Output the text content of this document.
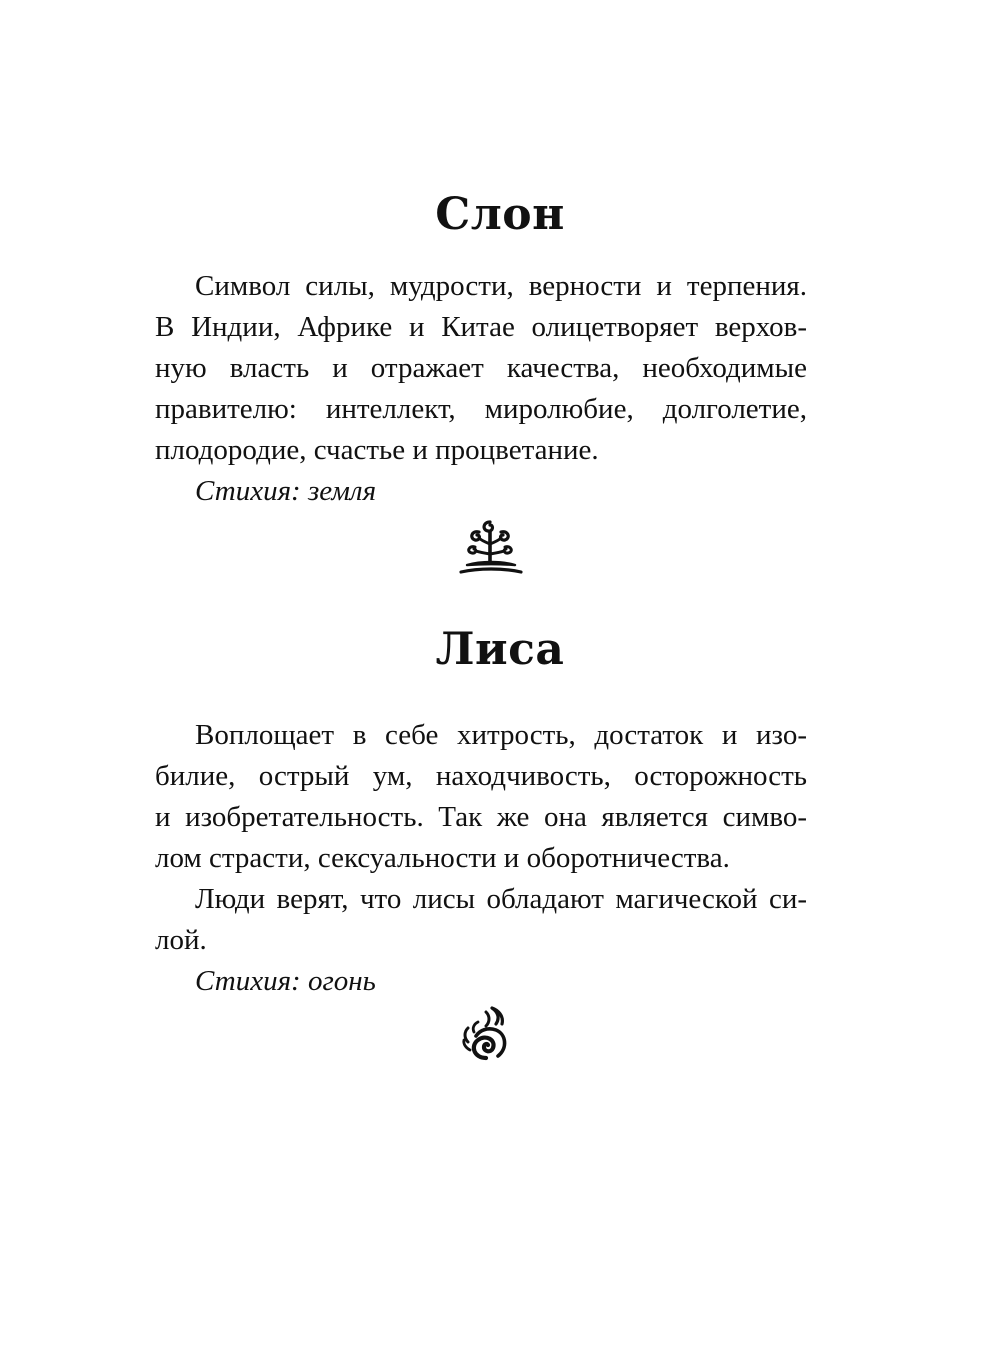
Слон
Символ силы, мудрости, верности и терпения.
В Индии, Африке и Китае олицетворяет верхов-
ную власть и отражает качества, необходимые
правителю: интеллект, миролюбие, долголетие,
плодородие, счастье и процветание.
Стихия: земля
Лиса
Воплощает в себе хитрость, достаток и изо-
билие, острый ум, находчивость, осторожность
и изобретательность. Так же она является симво-
лом страсти, сексуальности и оборотничества.
Люди верят, что лисы обладают магической си-
лой.
Стихия: огонь
